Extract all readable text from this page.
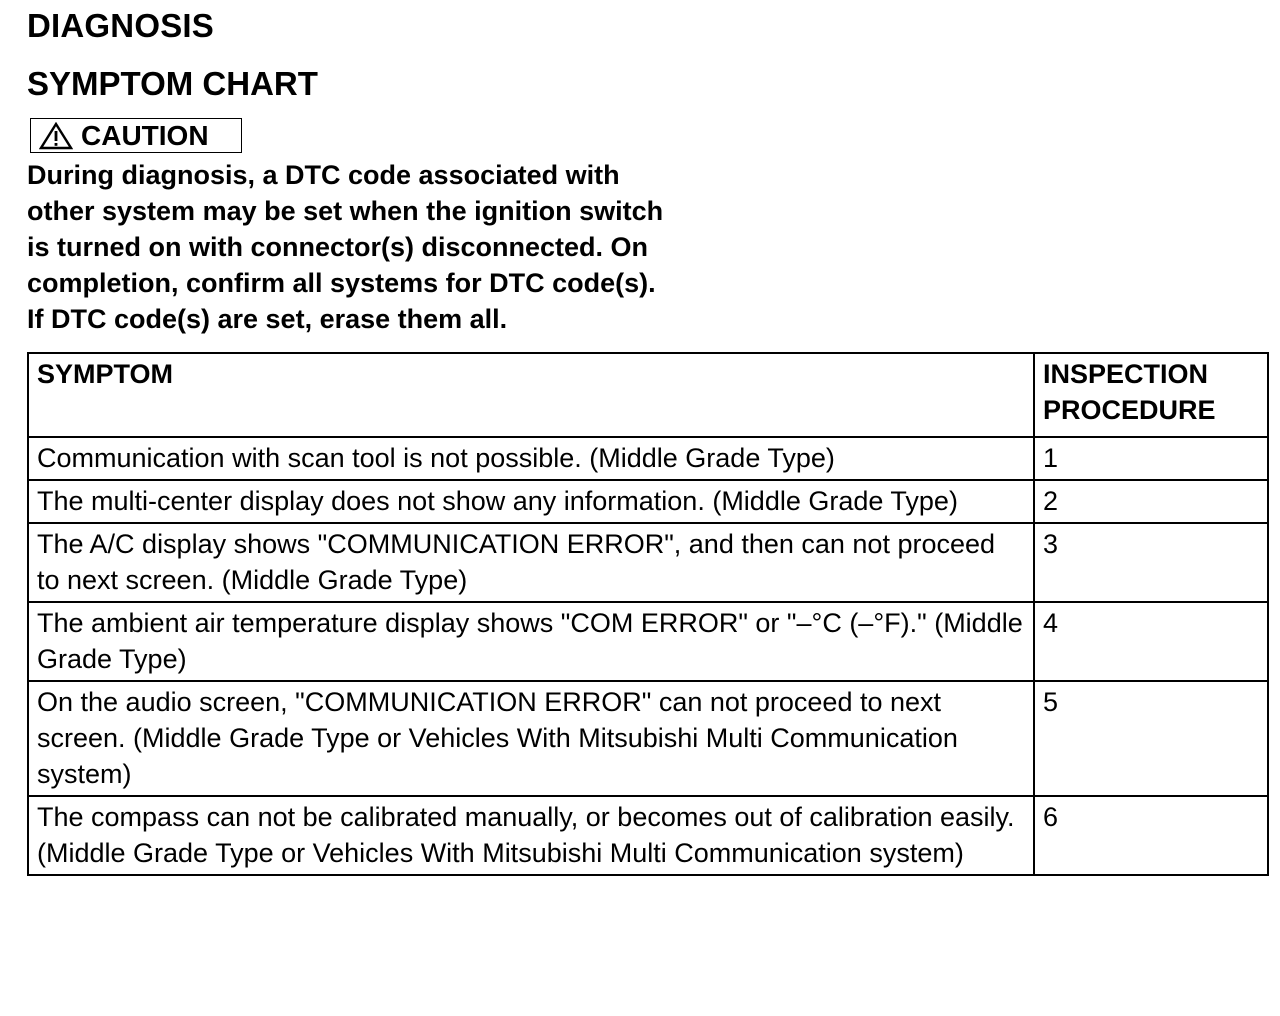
DIAGNOSIS
SYMPTOM CHART
CAUTION
During diagnosis, a DTC code associated with
other system may be set when the ignition switch
is turned on with connector(s) disconnected. On
completion, confirm all systems for DTC code(s).
If DTC code(s) are set, erase them all.
SYMPTOM	INSPECTION PROCEDURE
Communication with scan tool is not possible. (Middle Grade Type)	1
The multi-center display does not show any information. (Middle Grade Type)	2
The A/C display shows "COMMUNICATION ERROR", and then can not proceed to next screen. (Middle Grade Type)	3
The ambient air temperature display shows "COM ERROR" or "–°C (–°F)." (Middle Grade Type)	4
On the audio screen, "COMMUNICATION ERROR" can not proceed to next screen. (Middle Grade Type or Vehicles With Mitsubishi Multi Communication system)	5
The compass can not be calibrated manually, or becomes out of calibration easily. (Middle Grade Type or Vehicles With Mitsubishi Multi Communication system)	6
